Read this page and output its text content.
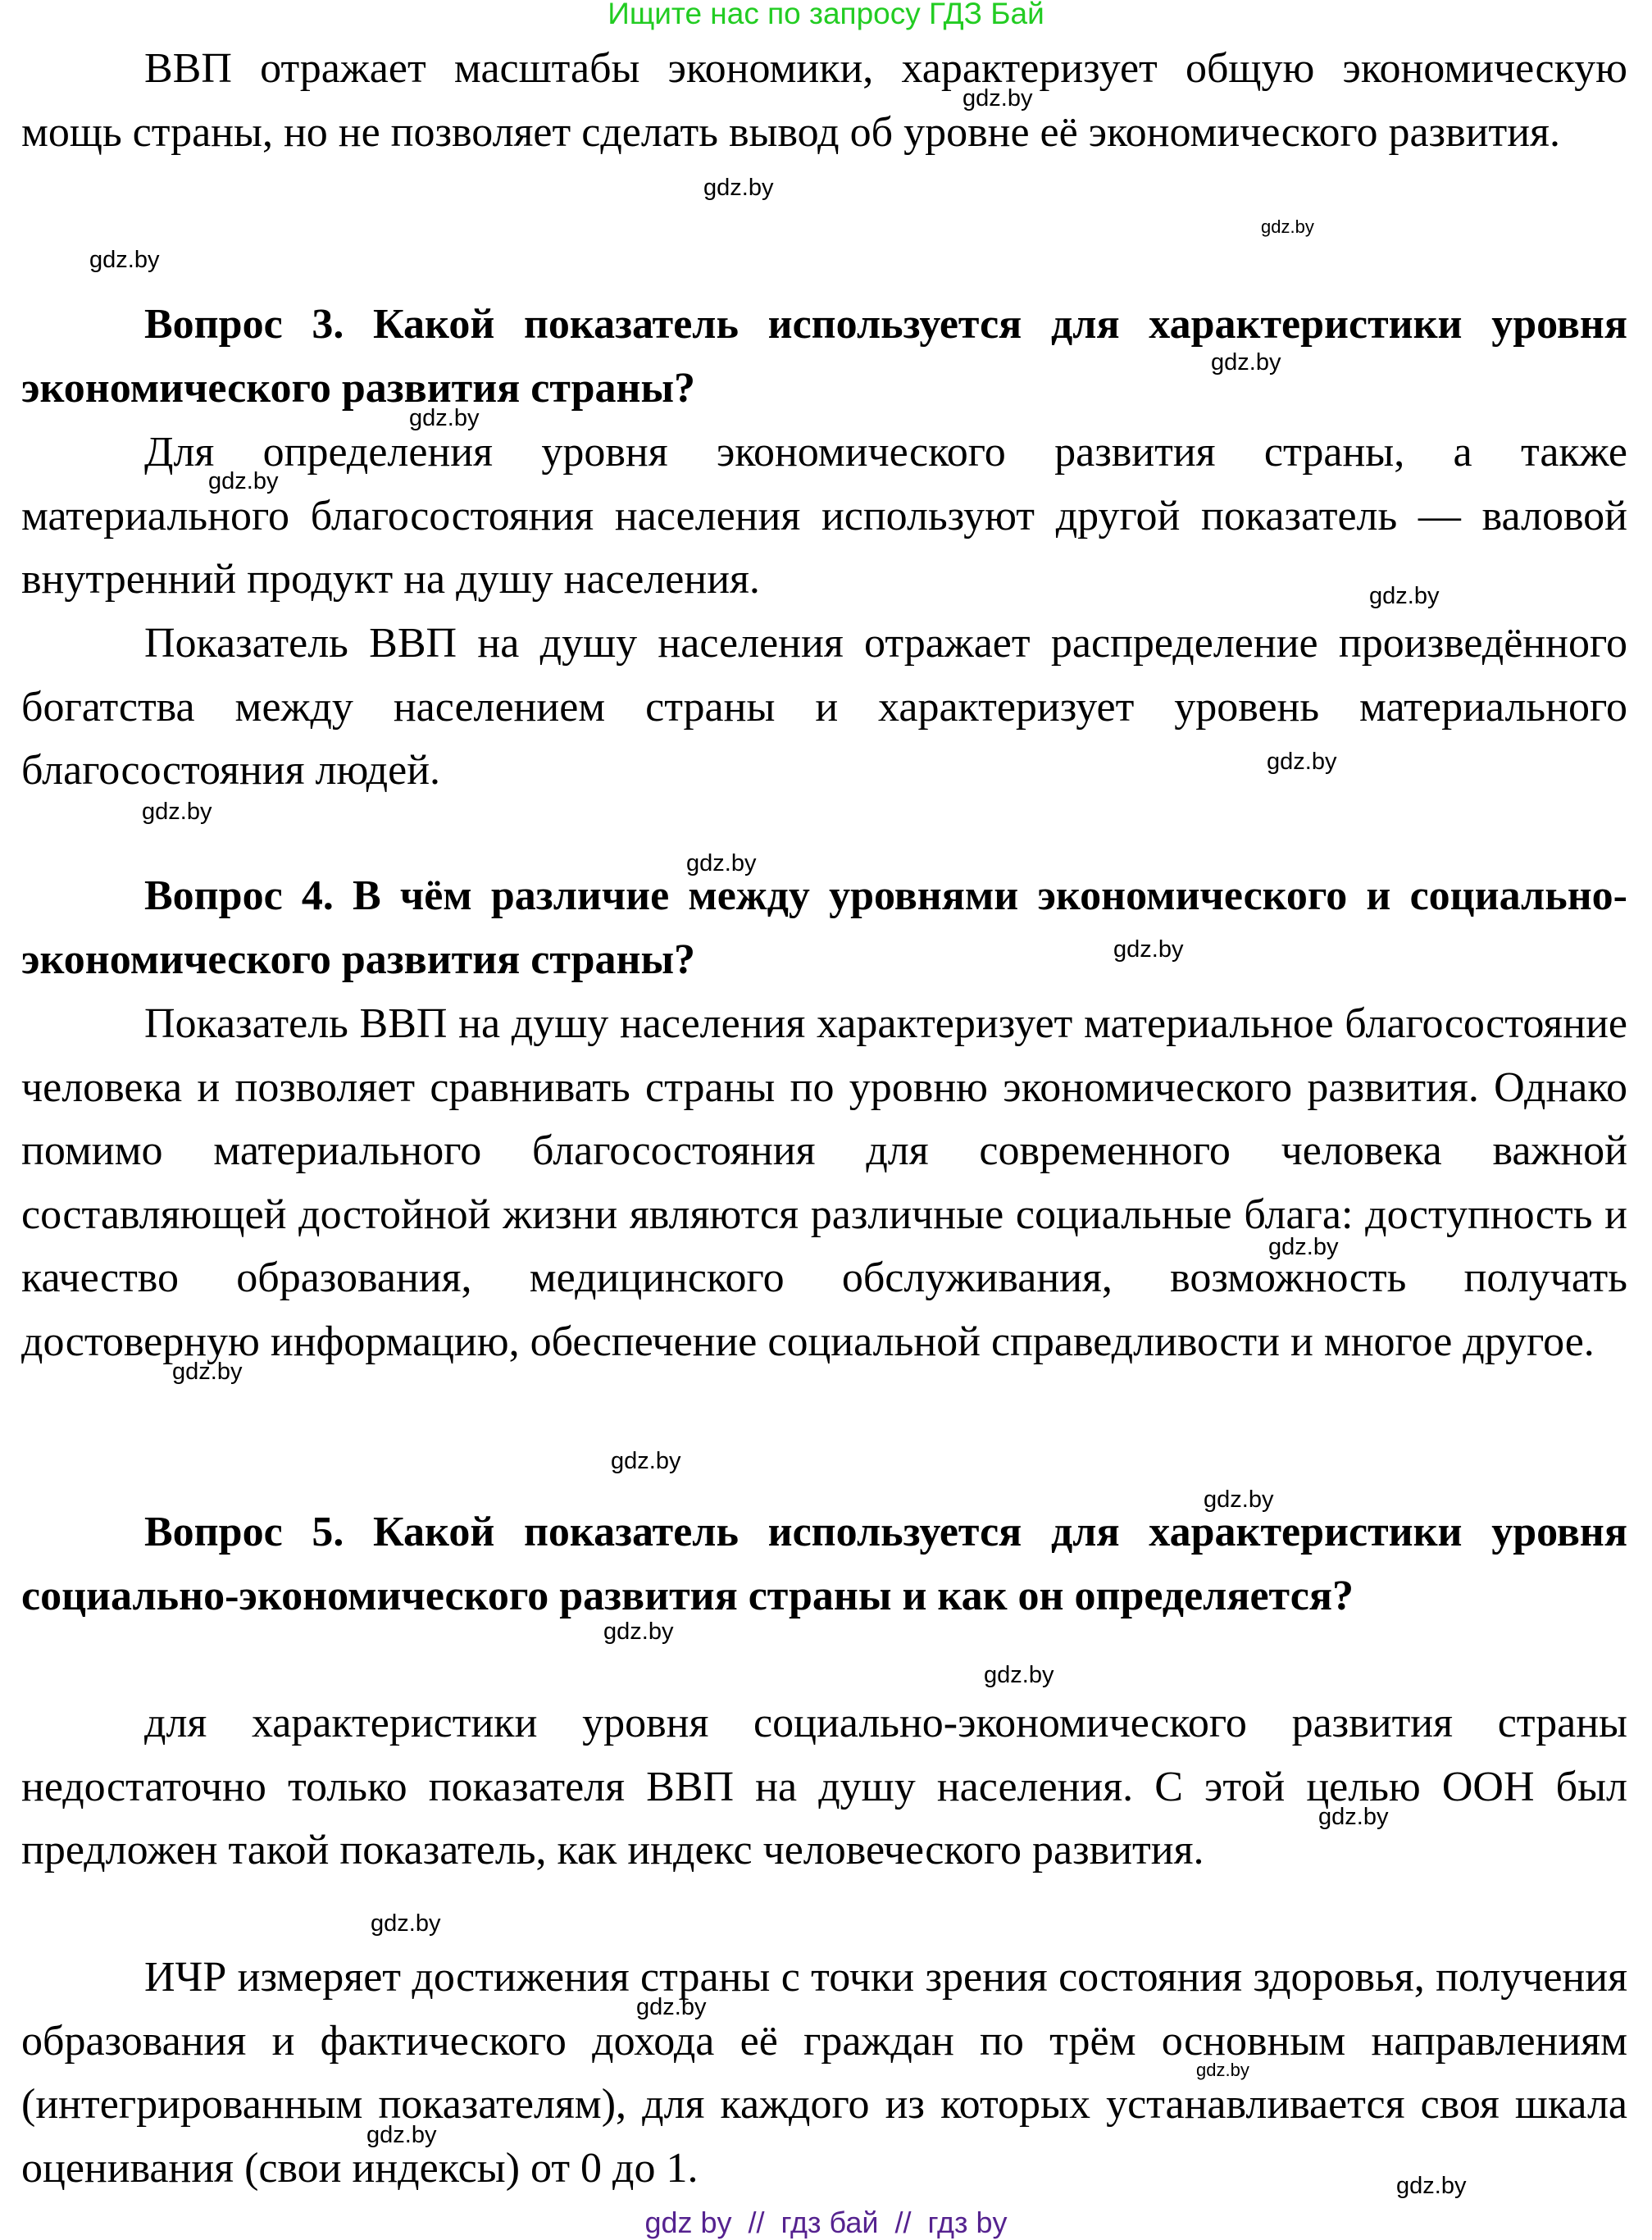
Ищите нас по запросу ГДЗ Бай

ВВП отражает масштабы экономики, характеризует общую экономическую мощь страны, но не позволяет сделать вывод об уровне её экономического развития.

Вопрос 3. Какой показатель используется для характеристики уровня экономического развития страны?

Для определения уровня экономического развития страны, а также материального благосостояния населения используют другой показатель — валовой внутренний продукт на душу населения.

Показатель ВВП на душу населения отражает распределение произведённого богатства между населением страны и характеризует уровень материального благосостояния людей.

Вопрос 4. В чём различие между уровнями экономического и социально-экономического развития страны?

Показатель ВВП на душу населения характеризует материальное благосостояние человека и позволяет сравнивать страны по уровню экономического развития. Однако помимо материального благосостояния для современного человека важной составляющей достойной жизни являются различные социальные блага: доступность и качество образования, медицинского обслуживания, возможность получать достоверную информацию, обеспечение социальной справедливости и многое другое.

Вопрос 5. Какой показатель используется для характеристики уровня социально-экономического развития страны и как он определяется?

для характеристики уровня социально-экономического развития страны недостаточно только показателя ВВП на душу населения. С этой целью ООН был предложен такой показатель, как индекс человеческого развития.

ИЧР измеряет достижения страны с точки зрения состояния здоровья, получения образования и фактического дохода её граждан по трём основным направлениям (интегрированным показателям), для каждого из которых устанавливается своя шкала оценивания (свои индексы) от 0 до 1.

gdz.by
gdz.by
gdz.by
gdz.by
gdz.by
gdz.by
gdz.by
gdz.by
gdz.by
gdz.by
gdz.by
gdz.by
gdz.by
gdz.by
gdz.by
gdz.by
gdz.by
gdz.by
gdz.by
gdz.by
gdz.by
gdz.by
gdz.by
gdz.by
gdz by  //  гдз бай  //  гдз by
